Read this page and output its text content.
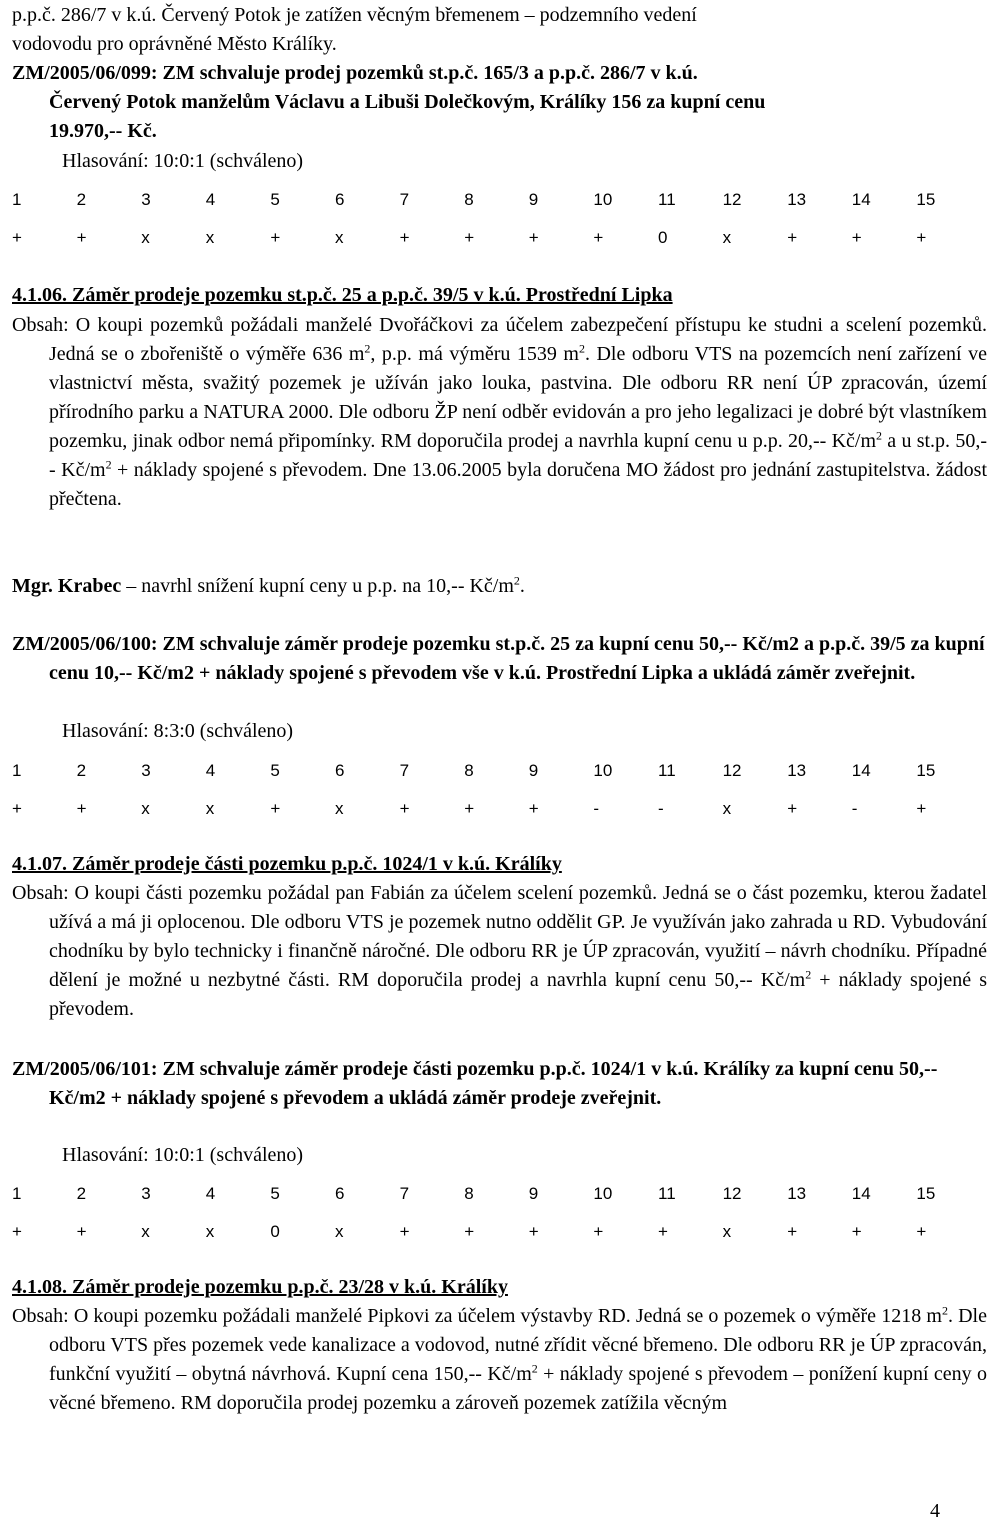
p.p.č. 286/7 v k.ú. Červený Potok je zatížen věcným břemenem – podzemního vedení
vodovodu pro oprávněné Město Králíky.
ZM/2005/06/099: ZM schvaluje prodej pozemků st.p.č. 165/3 a p.p.č. 286/7 v k.ú.
Červený Potok manželům Václavu a Libuši Dolečkovým, Králíky 156 za kupní cenu
19.970,-- Kč.
Hlasování: 10:0:1 (schváleno)
1	2	3	4	5	6	7	8	9	10	11	12	13	14	15
+	+	x	x	+	x	+	+	+	+	0	x	+	+	+
4.1.06. Záměr prodeje pozemku st.p.č. 25 a p.p.č. 39/5 v k.ú. Prostřední Lipka
Obsah: O koupi pozemků požádali manželé Dvořáčkovi za účelem zabezpečení přístupu ke studni a scelení pozemků. Jedná se o zbořeniště o výměře 636 $m^2$, p.p. má výměru 1539 $m^2$. Dle odboru VTS na pozemcích není zařízení ve vlastnictví města, svažitý pozemek je užíván jako louka, pastvina. Dle odboru RR není ÚP zpracován, území přírodního parku a NATURA 2000. Dle odboru ŽP není odběr evidován a pro jeho legalizaci je dobré být vlastníkem pozemku, jinak odbor nemá připomínky. RM doporučila prodej a navrhla kupní cenu u p.p. 20,-- $Kč/m^2$ a u st.p. 50,-- $Kč/m^2$ + náklady spojené s převodem. Dne 13.06.2005 byla doručena MO žádost pro jednání zastupitelstva. žádost přečtena.
Mgr. Krabec – navrhl snížení kupní ceny u p.p. na 10,-- $Kč/m^2$.
ZM/2005/06/100: ZM schvaluje záměr prodeje pozemku st.p.č. 25 za kupní cenu 50,-- Kč/m2 a p.p.č. 39/5 za kupní cenu 10,-- Kč/m2 + náklady spojené s převodem vše v k.ú. Prostřední Lipka a ukládá záměr zveřejnit.
Hlasování: 8:3:0 (schváleno)
1	2	3	4	5	6	7	8	9	10	11	12	13	14	15
+	+	x	x	+	x	+	+	+	-	-	x	+	-	+
4.1.07. Záměr prodeje části pozemku p.p.č. 1024/1 v k.ú. Králíky
Obsah: O koupi části pozemku požádal pan Fabián za účelem scelení pozemků. Jedná se o část pozemku, kterou žadatel užívá a má ji oplocenou. Dle odboru VTS je pozemek nutno oddělit GP. Je využíván jako zahrada u RD. Vybudování chodníku by bylo technicky i finančně náročné. Dle odboru RR je ÚP zpracován, využití – návrh chodníku. Případné dělení je možné u nezbytné části. RM doporučila prodej a navrhla kupní cenu 50,-- $Kč/m^2$ + náklady spojené s převodem.
ZM/2005/06/101: ZM schvaluje záměr prodeje části pozemku p.p.č. 1024/1 v k.ú. Králíky za kupní cenu 50,-- Kč/m2 + náklady spojené s převodem a ukládá záměr prodeje zveřejnit.
Hlasování: 10:0:1 (schváleno)
1	2	3	4	5	6	7	8	9	10	11	12	13	14	15
+	+	x	x	0	x	+	+	+	+	+	x	+	+	+
4.1.08. Záměr prodeje pozemku p.p.č. 23/28 v k.ú. Králíky
Obsah: O koupi pozemku požádali manželé Pipkovi za účelem výstavby RD. Jedná se o pozemek o výměře 1218 $m^2$. Dle odboru VTS přes pozemek vede kanalizace a vodovod, nutné zřídit věcné břemeno. Dle odboru RR je ÚP zpracován, funkční využití – obytná návrhová. Kupní cena 150,-- $Kč/m^2$ + náklady spojené s převodem – ponížení kupní ceny o věcné břemeno. RM doporučila prodej pozemku a zároveň pozemek zatížila věcným
4
